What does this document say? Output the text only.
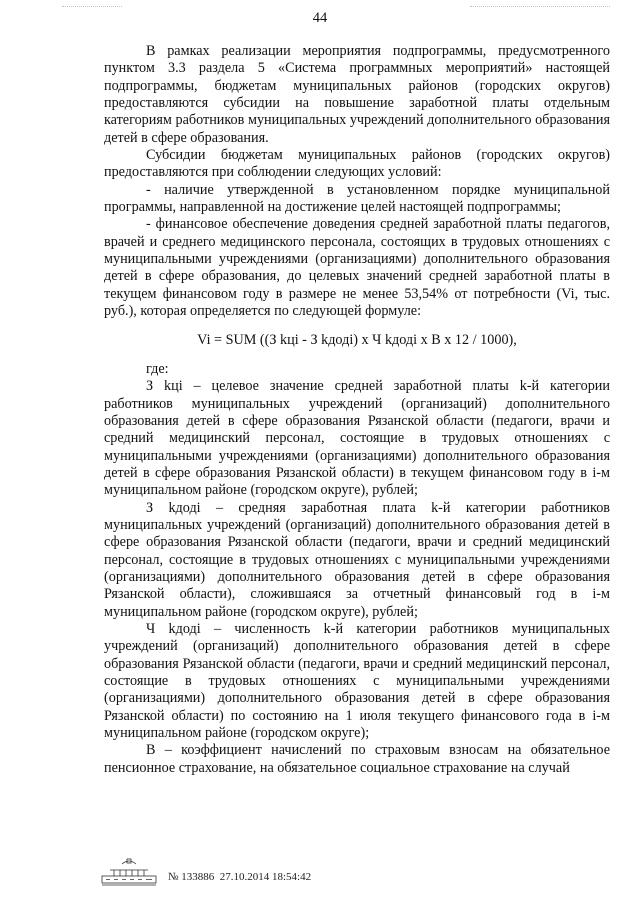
44

В рамках реализации мероприятия подпрограммы, предусмотренного пунктом 3.3 раздела 5 «Система программных мероприятий» настоящей подпрограммы, бюджетам муниципальных районов (городских округов) предоставляются субсидии на повышение заработной платы отдельным категориям работников муниципальных учреждений дополнительного образования детей в сфере образования.

Субсидии бюджетам муниципальных районов (городских округов) предоставляются при соблюдении следующих условий:

- наличие утвержденной в установленном порядке муниципальной программы, направленной на достижение целей настоящей подпрограммы;

- финансовое обеспечение доведения средней заработной платы педагогов, врачей и среднего медицинского персонала, состоящих в трудовых отношениях с муниципальными учреждениями (организациями) дополнительного образования детей в сфере образования, до целевых значений средней заработной платы в текущем финансовом году в размере не менее 53,54% от потребности (Vi, тыс. руб.), которая определяется по следующей формуле:

Vi = SUM ((З kцi - З kдодi) х Ч kдодi х В х 12 / 1000),

где:

З kцi – целевое значение средней заработной платы k-й категории работников муниципальных учреждений (организаций) дополнительного образования детей в сфере образования Рязанской области (педагоги, врачи и средний медицинский персонал, состоящие в трудовых отношениях с муниципальными учреждениями (организациями) дополнительного образования детей в сфере образования Рязанской области) в текущем финансовом году в i-м муниципальном районе (городском округе), рублей;

З kдодi – средняя заработная плата k-й категории работников муниципальных учреждений (организаций) дополнительного образования детей в сфере образования Рязанской области (педагоги, врачи и средний медицинский персонал, состоящие в трудовых отношениях с муниципальными учреждениями (организациями) дополнительного образования детей в сфере образования Рязанской области), сложившаяся за отчетный финансовый год в i-м муниципальном районе (городском округе), рублей;

Ч kдодi – численность k-й категории работников муниципальных учреждений (организаций) дополнительного образования детей в сфере образования Рязанской области (педагоги, врачи и средний медицинский персонал, состоящие в трудовых отношениях с муниципальными учреждениями (организациями) дополнительного образования детей в сфере образования Рязанской области) по состоянию на 1 июля текущего финансового года в i-м муниципальном районе (городском округе);

В – коэффициент начислений по страховым взносам на обязательное пенсионное страхование, на обязательное социальное страхование на случай

№ 133886 27.10.2014 18:54:42
